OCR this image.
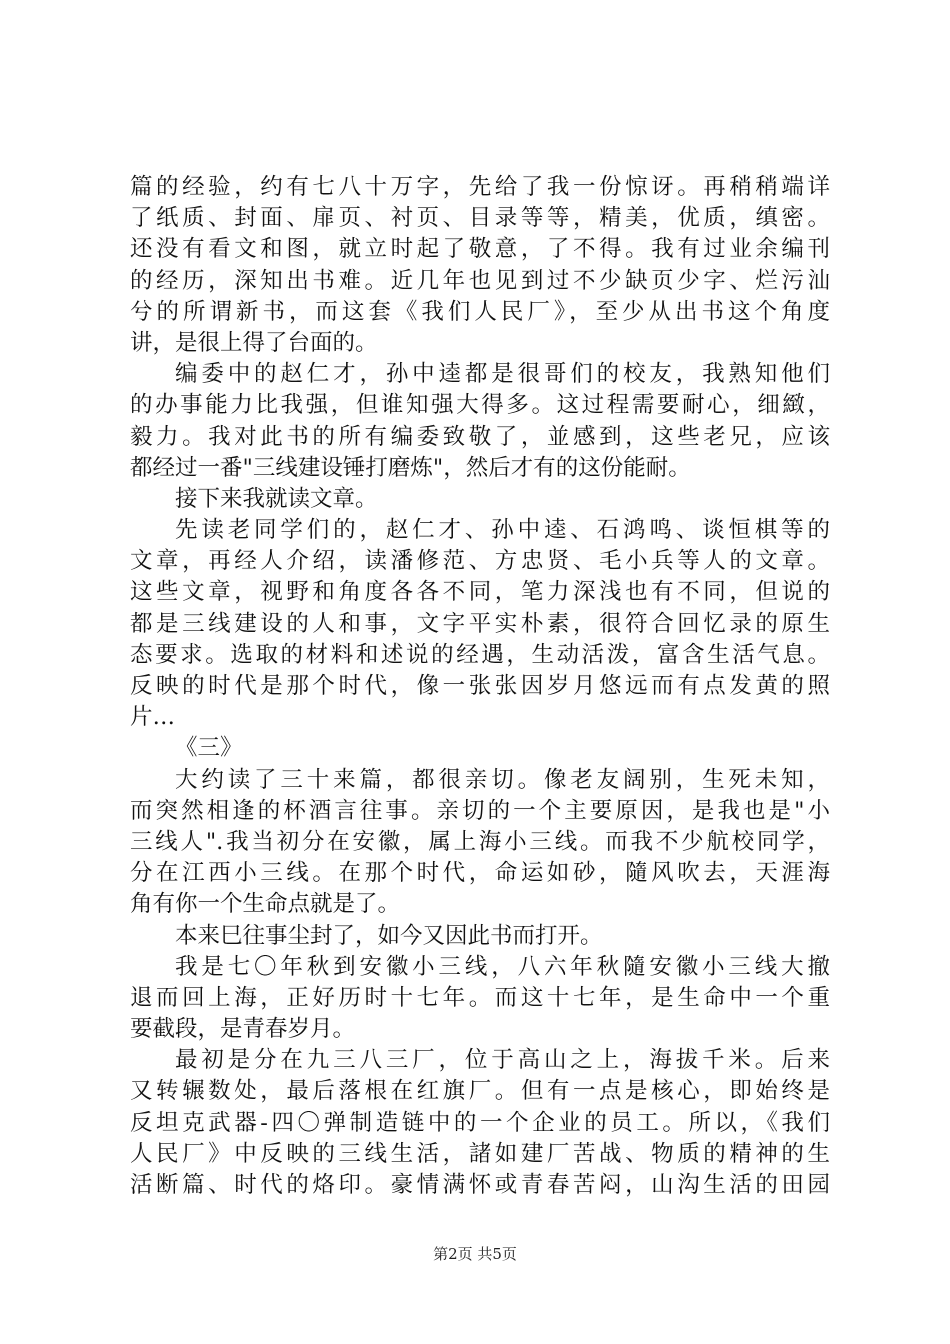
篇的经验，约有七八十万字，先给了我一份惊讶。再稍稍端详
了纸质、封面、扉页、衬页、目录等等，精美，优质，缜密。
还没有看文和图，就立时起了敬意，了不得。我有过业余编刊
的经历，深知出书难。近几年也见到过不少缺页少字、烂污汕
兮的所谓新书，而这套《我们人民厂》，至少从出书这个角度
讲，是很上得了台面的。
编委中的赵仁才，孙中逵都是很哥们的校友，我熟知他们
的办事能力比我强，但谁知强大得多。这过程需要耐心，细緻，
毅力。我对此书的所有编委致敬了，並感到，这些老兄，应该
都经过一番"三线建设锤打磨炼"，然后才有的这份能耐。
接下来我就读文章。
先读老同学们的，赵仁才、孙中逵、石鸿鸣、谈恒棋等的
文章，再经人介绍，读潘修范、方忠贤、毛小兵等人的文章。
这些文章，视野和角度各各不同，笔力深浅也有不同，但说的
都是三线建设的人和事，文字平实朴素，很符合回忆录的原生
态要求。选取的材料和述说的经遇，生动活泼，富含生活气息。
反映的时代是那个时代，像一张张因岁月悠远而有点发黄的照
片…
《三》
大约读了三十来篇，都很亲切。像老友阔别，生死未知，
而突然相逢的杯酒言往事。亲切的一个主要原因，是我也是"小
三线人".我当初分在安徽，属上海小三线。而我不少航校同学，
分在江西小三线。在那个时代，命运如砂，隨风吹去，天涯海
角有你一个生命点就是了。
本来巳往事尘封了，如今又因此书而打开。
我是七〇年秋到安徽小三线，八六年秋隨安徽小三线大撤
退而回上海，正好历时十七年。而这十七年，是生命中一个重
要截段，是青春岁月。
最初是分在九三八三厂，位于高山之上，海拔千米。后来
又转辗数处，最后落根在红旗厂。但有一点是核心，即始终是
反坦克武器-四〇弹制造链中的一个企业的员工。所以，《我们
人民厂》中反映的三线生活，諸如建厂苦战、物质的精神的生
活断篇、时代的烙印。豪情满怀或青春苦闷，山沟生活的田园
第2页 共5页
